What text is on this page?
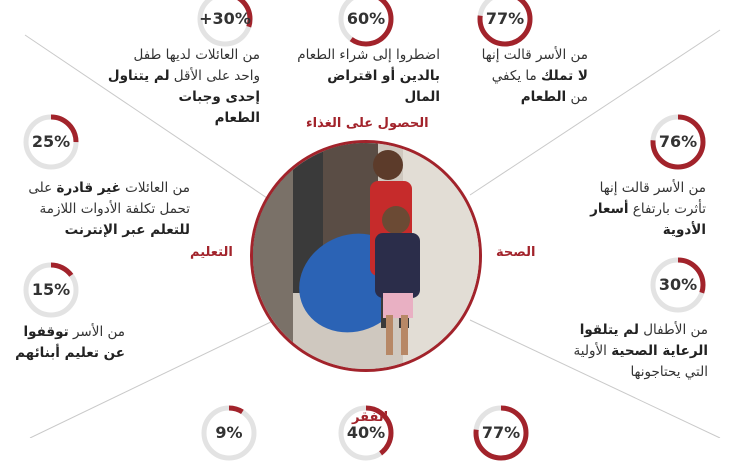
الحصول على الغذاء
التعليم	الصحة
الفقر
+30%	60%	77%
25%
15%
76%
30%
9%	40%	77%
من الأسر قالت إنها
لا تملك ما يكفي
من الطعام
اضطروا إلى شراء الطعام
بالدين أو اقتراض المال
من العائلات لديها طفل
واحد على الأقل لم يتناول
إحدى وجبات
الطعام
من العائلات غير قادرة على
تحمل تكلفة الأدوات اللازمة
للتعلم عبر الإنترنت
من الأسر توقفوا
عن تعليم أبنائهم
من الأسر قالت إنها
تأثرت بارتفاع أسعار
الأدوية
من الأطفال لم يتلقوا
الرعاية الصحية الأولية
التي يحتاجونها
